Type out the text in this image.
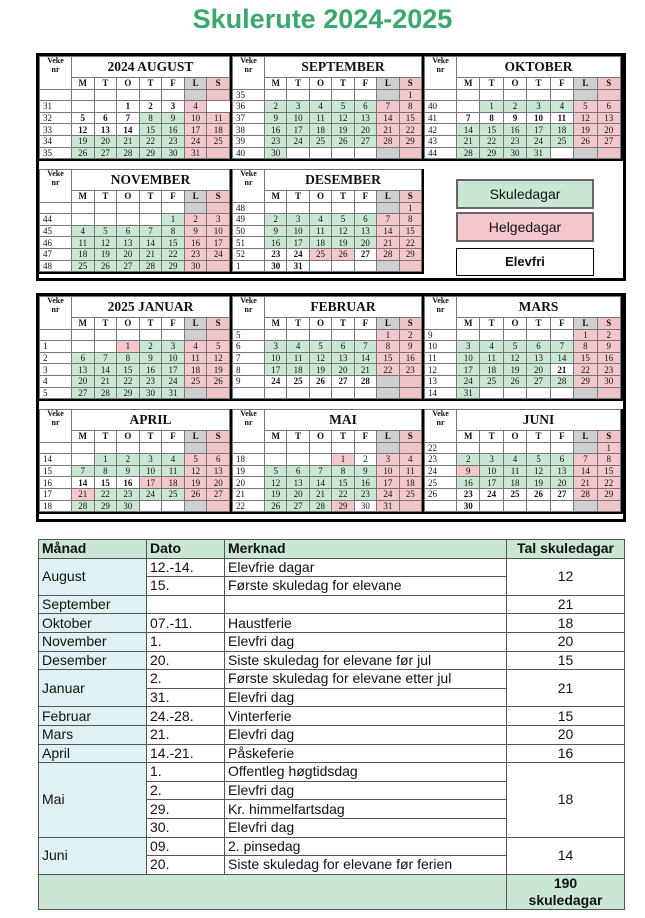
Skulerute 2024-2025
Veke
nr	2024 AUGUST						
	M	T	O	T	F	L	S

31			1	2	3	4	
32	5	6	7	8	9	10	11
33	12	13	14	15	16	17	18
34	19	20	21	22	23	24	25
35	26	27	28	29	30	31	
Veke
nr	SEPTEMBER						
	M	T	O	T	F	L	S
35							1
36	2	3	4	5	6	7	8
37	9	10	11	12	13	14	15
38	16	17	18	19	20	21	22
39	23	24	25	26	27	28	29
40	30						
Veke
nr	OKTOBER						
	M	T	O	T	F	L	S

40		1	2	3	4	5	6
41	7	8	9	10	11	12	13
42	14	15	16	17	18	19	20
43	21	22	23	24	25	26	27
44	28	29	30	31			
Veke
nr	NOVEMBER						
	M	T	O	T	F	L	S

44					1	2	3
45	4	5	6	7	8	9	10
46	11	12	13	14	15	16	17
47	18	19	20	21	22	23	24
48	25	26	27	28	29	30	
Veke
nr	DESEMBER						
	M	T	O	T	F	L	S
48							1
49	2	3	4	5	6	7	8
50	9	10	11	12	13	14	15
51	16	17	18	19	20	21	22
52	23	24	25	26	27	28	29
1	30	31					
Veke
nr	2025 JANUAR						
	M	T	O	T	F	L	S

1			1	2	3	4	5
2	6	7	8	9	10	11	12
3	13	14	15	16	17	18	19
4	20	21	22	23	24	25	26
5	27	28	29	30	31		
Veke
nr	FEBRUAR						
	M	T	O	T	F	L	S
5						1	2
6	3	4	5	6	7	8	9
7	10	11	12	13	14	15	16
8	17	18	19	20	21	22	23
9	24	25	26	27	28		

Veke
nr	MARS						
	M	T	O	T	F	L	S
9						1	2
10	3	4	5	6	7	8	9
11	10	11	12	13	14	15	16
12	17	18	19	20	21	22	23
13	24	25	26	27	28	29	30
14	31						
Veke
nr	APRIL						
	M	T	O	T	F	L	S

14		1	2	3	4	5	6
15	7	8	9	10	11	12	13
16	14	15	16	17	18	19	20
17	21	22	23	24	25	26	27
18	28	29	30				
Veke
nr	MAI						
	M	T	O	T	F	L	S

18				1	2	3	4
19	5	6	7	8	9	10	11
20	12	13	14	15	16	17	18
21	19	20	21	22	23	24	25
22	26	27	28	29	30	31	
Veke
nr	JUNI						
	M	T	O	T	F	L	S
22							1
23	2	3	4	5	6	7	8
24	9	10	11	12	13	14	15
25	16	17	18	19	20	21	22
26	23	24	25	26	27	28	29
	30						
Skuledagar
Helgedagar
Elevfri
Månad	Dato	Merknad	Tal skuledagar
August	12.-14.	Elevfrie dagar	12
	15.	Første skuledag for elevane	
September			21
Oktober	07.-11.	Haustferie	18
November	1.	Elevfri dag	20
Desember	20.	Siste skuledag for elevane før jul	15
Januar	2.	Første skuledag for elevane etter jul	21
	31.	Elevfri dag	
Februar	24.-28.	Vinterferie	15
Mars	21.	Elevfri dag	20
April	14.-21.	Påskeferie	16
Mai	1.	Offentleg høgtidsdag	18
	2.	Elevfri dag	
	29.	Kr. himmelfartsdag	
	30.	Elevfri dag	
Juni	09.	2. pinsedag	14
	20.	Siste skuledag for elevane før ferien	
			190
skuledagar
